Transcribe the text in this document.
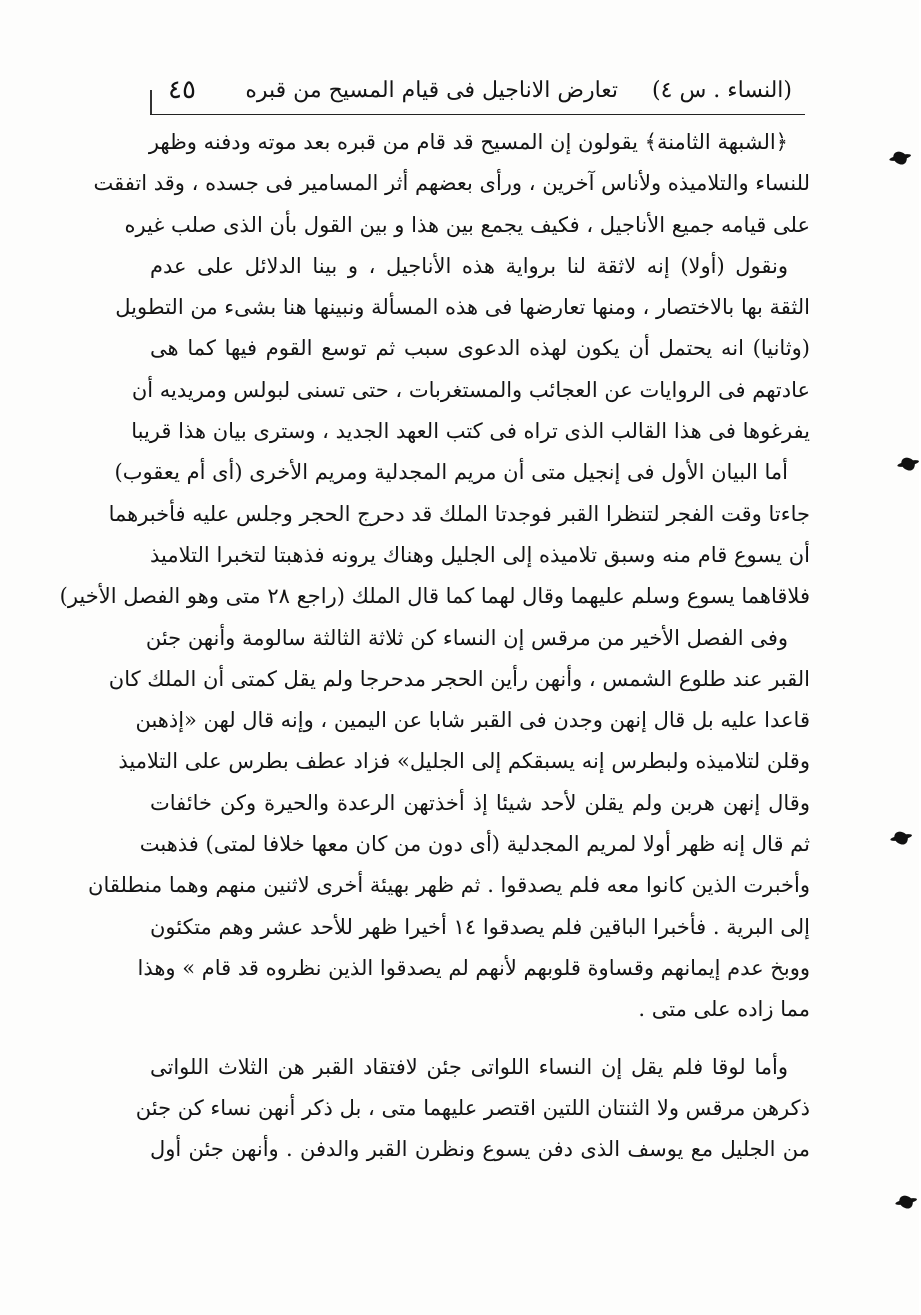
(النساء . س ٤)
تعارض الاناجيل فى قيام المسيح من قبره
٤٥
﴿الشبهة الثامنة﴾ يقولون إن المسيح قد قام من قبره بعد موته ودفنه وظهر
للنساء والتلاميذه ولأناس آخرين ، ورأى بعضهم أثر المسامير فى جسده ، وقد اتفقت
على قيامه جميع الأناجيل ، فكيف يجمع بين هذا و بين القول بأن الذى صلب غيره
ونقول (أولا) إنه لاثقة لنا برواية هذه الأناجيل ، و بينا الدلائل على عدم
الثقة بها بالاختصار ، ومنها تعارضها فى هذه المسألة ونبينها هنا بشىء من التطويل
(وثانيا) انه يحتمل أن يكون لهذه الدعوى سبب ثم توسع القوم فيها كما هى
عادتهم فى الروايات عن العجائب والمستغربات ، حتى تسنى لبولس ومريديه أن
يفرغوها فى هذا القالب الذى تراه فى كتب العهد الجديد ، وسترى بيان هذا قريبا
أما البيان الأول فى إنجيل متى أن مريم المجدلية ومريم الأخرى (أى أم يعقوب)
جاءتا وقت الفجر لتنظرا القبر فوجدتا الملك قد دحرج الحجر وجلس عليه فأخبرهما
أن يسوع قام منه وسبق تلاميذه إلى الجليل وهناك يرونه فذهبتا لتخبرا التلاميذ
فلاقاهما يسوع وسلم عليهما وقال لهما كما قال الملك (راجع ٢٨ متى وهو الفصل الأخير)
وفى الفصل الأخير من مرقس إن النساء كن ثلاثة الثالثة سالومة وأنهن جئن
القبر عند طلوع الشمس ، وأنهن رأين الحجر مدحرجا ولم يقل كمتى أن الملك كان
قاعدا عليه بل قال إنهن وجدن فى القبر شابا عن اليمين ، وإنه قال لهن «إذهبن
وقلن لتلاميذه ولبطرس إنه يسبقكم إلى الجليل» فزاد عطف بطرس على التلاميذ
وقال إنهن هربن ولم يقلن لأحد شيئا إذ أخذتهن الرعدة والحيرة وكن خائفات
ثم قال إنه ظهر أولا لمريم المجدلية (أى دون من كان معها خلافا لمتى) فذهبت
وأخبرت الذين كانوا معه فلم يصدقوا . ثم ظهر بهيئة أخرى لاثنين منهم وهما منطلقان
إلى البرية . فأخبرا الباقين فلم يصدقوا ١٤ أخيرا ظهر للأحد عشر وهم متكئون
ووبخ عدم إيمانهم وقساوة قلوبهم لأنهم لم يصدقوا الذين نظروه قد قام » وهذا
مما زاده على متى .
وأما لوقا فلم يقل إن النساء اللواتى جئن لافتقاد القبر هن الثلاث اللواتى
ذكرهن مرقس ولا الثنتان اللتين اقتصر عليهما متى ، بل ذكر أنهن نساء كن جئن
من الجليل مع يوسف الذى دفن يسوع ونظرن القبر والدفن . وأنهن جئن أول
